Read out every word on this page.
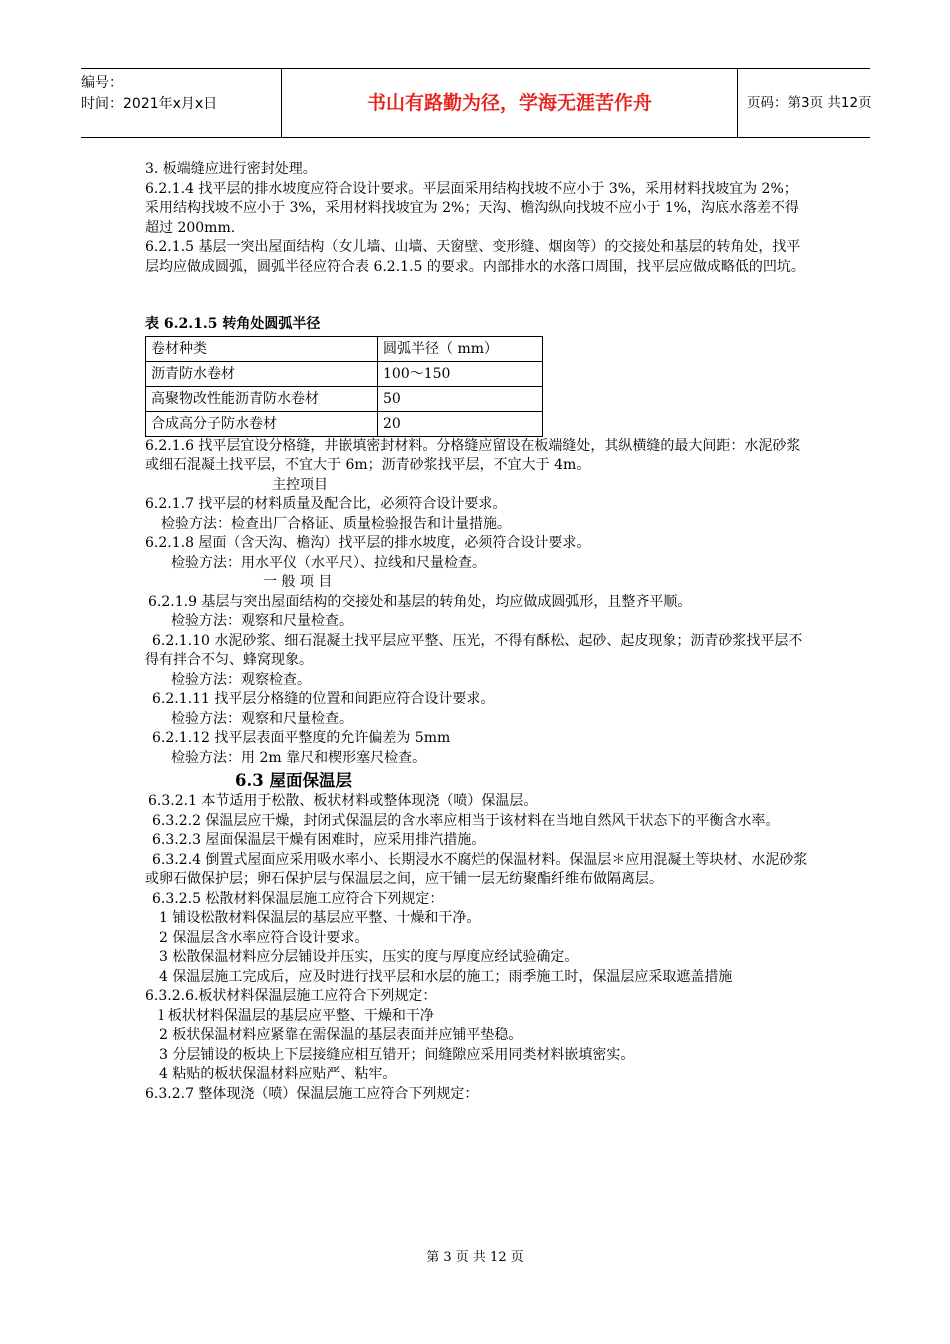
编号：
时间：2021年x月x日	书山有路勤为径，学海无涯苦作舟	页码：第3页 共12页

3. 板端缝应进行密封处理。

6.2.1.4 找平层的排水坡度应符合设计要求。平层面采用结构找坡不应小于 3%，采用材料找坡宜为 2%；采用结构找坡不应小于 3%，采用材料找坡宜为 2%；天沟、檐沟纵向找坡不应小于 1%，沟底水落差不得超过 200mm.

6.2.1.5 基层一突出屋面结构（女儿墙、山墙、天窗壁、变形缝、烟囱等）的交接处和基层的转角处，找平层均应做成圆弧，圆弧半径应符合表 6.2.1.5 的要求。内部排水的水落口周围，找平层应做成略低的凹坑。

表 6.2.1.5 转角处圆弧半径
卷材种类	圆弧半径（ mm）
沥青防水卷材	100～150
高聚物改性能沥青防水卷材	50
合成高分子防水卷材	20

6.2.1.6 找平层宜设分格缝，井嵌填密封材料。分格缝应留设在板端缝处，其纵横缝的最大间距：水泥砂浆或细石混凝土找平层，不宜大于 6m；沥青砂浆找平层，不宜大于 4m。

主控项目

6.2.1.7 找平层的材料质量及配合比，必须符合设计要求。

检验方法：检查出厂合格证、质量检验报告和计量措施。

6.2.1.8 屋面（含天沟、檐沟）找平层的排水坡度，必须符合设计要求。

检验方法：用水平仪（水平尺）、拉线和尺量检查。

一 般 项 目

6.2.1.9 基层与突出屋面结构的交接处和基层的转角处，均应做成圆弧形，且整齐平顺。

检验方法：观察和尺量检查。

6.2.1.10 水泥砂浆、细石混凝土找平层应平整、压光，不得有酥松、起砂、起皮现象；沥青砂浆找平层不得有拌合不匀、蜂窝现象。

检验方法：观察检查。

6.2.1.11 找平层分格缝的位置和间距应符合设计要求。

检验方法：观察和尺量检查。

6.2.1.12 找平层表面平整度的允许偏差为 5mm

检验方法：用 2m 靠尺和楔形塞尺检查。

6.3 屋面保温层

6.3.2.1 本节适用于松散、板状材料或整体现浇（喷）保温层。

6.3.2.2 保温层应干燥，封闭式保温层的含水率应相当于该材料在当地自然风干状态下的平衡含水率。

6.3.2.3 屋面保温层干燥有困难时，应采用排汽措施。

6.3.2.4 倒置式屋面应采用吸水率小、长期浸水不腐烂的保温材料。保温层＊应用混凝土等块材、水泥砂浆或卵石做保护层；卵石保护层与保温层之间，应干铺一层无纺聚酯纤维布做隔离层。

6.3.2.5 松散材料保温层施工应符合下列规定：

1 铺设松散材料保温层的基层应平整、十燥和干净。

2 保温层含水率应符合设计要求。

3 松散保温材料应分层铺设并压实，压实的度与厚度应经试验确定。

4 保温层施工完成后，应及时进行找平层和水层的施工；雨季施工时，保温层应采取遮盖措施

6.3.2.6.板状材料保温层施工应符合下列规定：

l 板状材料保温层的基层应平整、干燥和干净

2 板状保温材料应紧靠在需保温的基层表面并应铺平垫稳。

3 分层铺设的板块上下层接缝应相互错开；间缝隙应采用同类材料嵌填密实。

4 粘贴的板状保温材料应贴严、粘牢。

6.3.2.7 整体现浇（喷）保温层施工应符合下列规定：

第 3 页 共 12 页
